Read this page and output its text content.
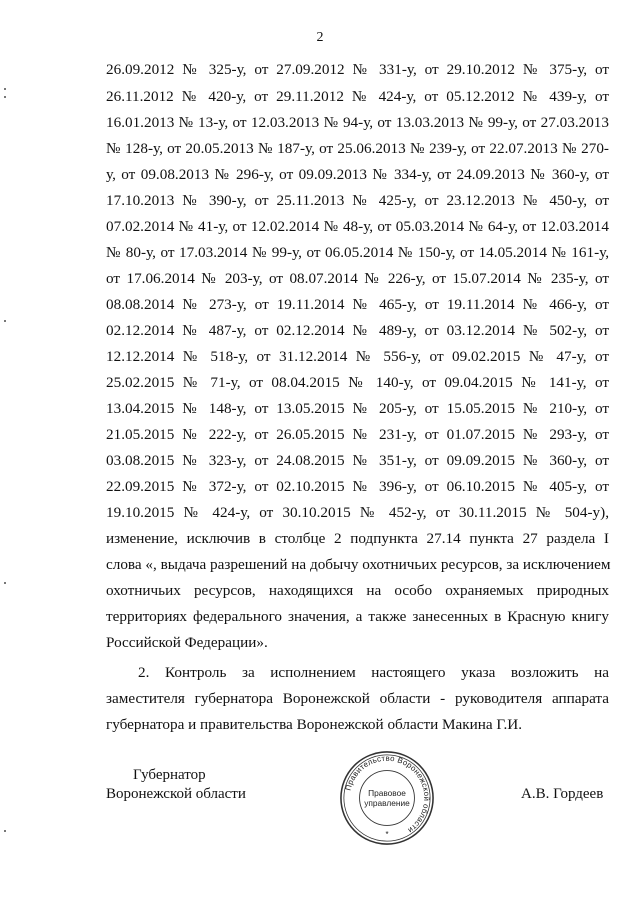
2
26.09.2012 № 325-у, от 27.09.2012 № 331-у, от 29.10.2012 № 375-у, от
26.11.2012 № 420-у, от 29.11.2012 № 424-у, от 05.12.2012 № 439-у, от
16.01.2013 № 13-у, от 12.03.2013 № 94-у, от 13.03.2013 № 99-у, от 27.03.2013
№ 128-у, от 20.05.2013 № 187-у, от 25.06.2013 № 239-у, от 22.07.2013 № 270-
у, от 09.08.2013 № 296-у, от 09.09.2013 № 334-у, от 24.09.2013 № 360-у, от
17.10.2013 № 390-у, от 25.11.2013 № 425-у, от 23.12.2013 № 450-у, от
07.02.2014 № 41-у, от 12.02.2014 № 48-у, от 05.03.2014 № 64-у, от 12.03.2014
№ 80-у, от 17.03.2014 № 99-у, от 06.05.2014 № 150-у, от 14.05.2014 № 161-у,
от 17.06.2014 № 203-у, от 08.07.2014 № 226-у, от 15.07.2014 № 235-у, от
08.08.2014 № 273-у, от 19.11.2014 № 465-у, от 19.11.2014 № 466-у, от
02.12.2014 № 487-у, от 02.12.2014 № 489-у, от 03.12.2014 № 502-у, от
12.12.2014 № 518-у, от 31.12.2014 № 556-у, от 09.02.2015 № 47-у, от
25.02.2015 № 71-у, от 08.04.2015 № 140-у, от 09.04.2015 № 141-у, от
13.04.2015 № 148-у, от 13.05.2015 № 205-у, от 15.05.2015 № 210-у, от
21.05.2015 № 222-у, от 26.05.2015 № 231-у, от 01.07.2015 № 293-у, от
03.08.2015 № 323-у, от 24.08.2015 № 351-у, от 09.09.2015 № 360-у, от
22.09.2015 № 372-у, от 02.10.2015 № 396-у, от 06.10.2015 № 405-у, от
19.10.2015 № 424-у, от 30.10.2015 № 452-у, от 30.11.2015 № 504-у),
изменение, исключив в столбце 2 подпункта 27.14 пункта 27 раздела I
слова «, выдача разрешений на добычу охотничьих ресурсов, за исключением
охотничьих ресурсов, находящихся на особо охраняемых природных
территориях федерального значения, а также занесенных в Красную книгу
Российской Федерации».
2. Контроль за исполнением настоящего указа возложить на
заместителя губернатора Воронежской области - руководителя аппарата
губернатора и правительства Воронежской области Макина Г.И.
Губернатор
Воронежской области	А.В. Гордеев
Правительство Воронежской области
Правовое
управление
*
